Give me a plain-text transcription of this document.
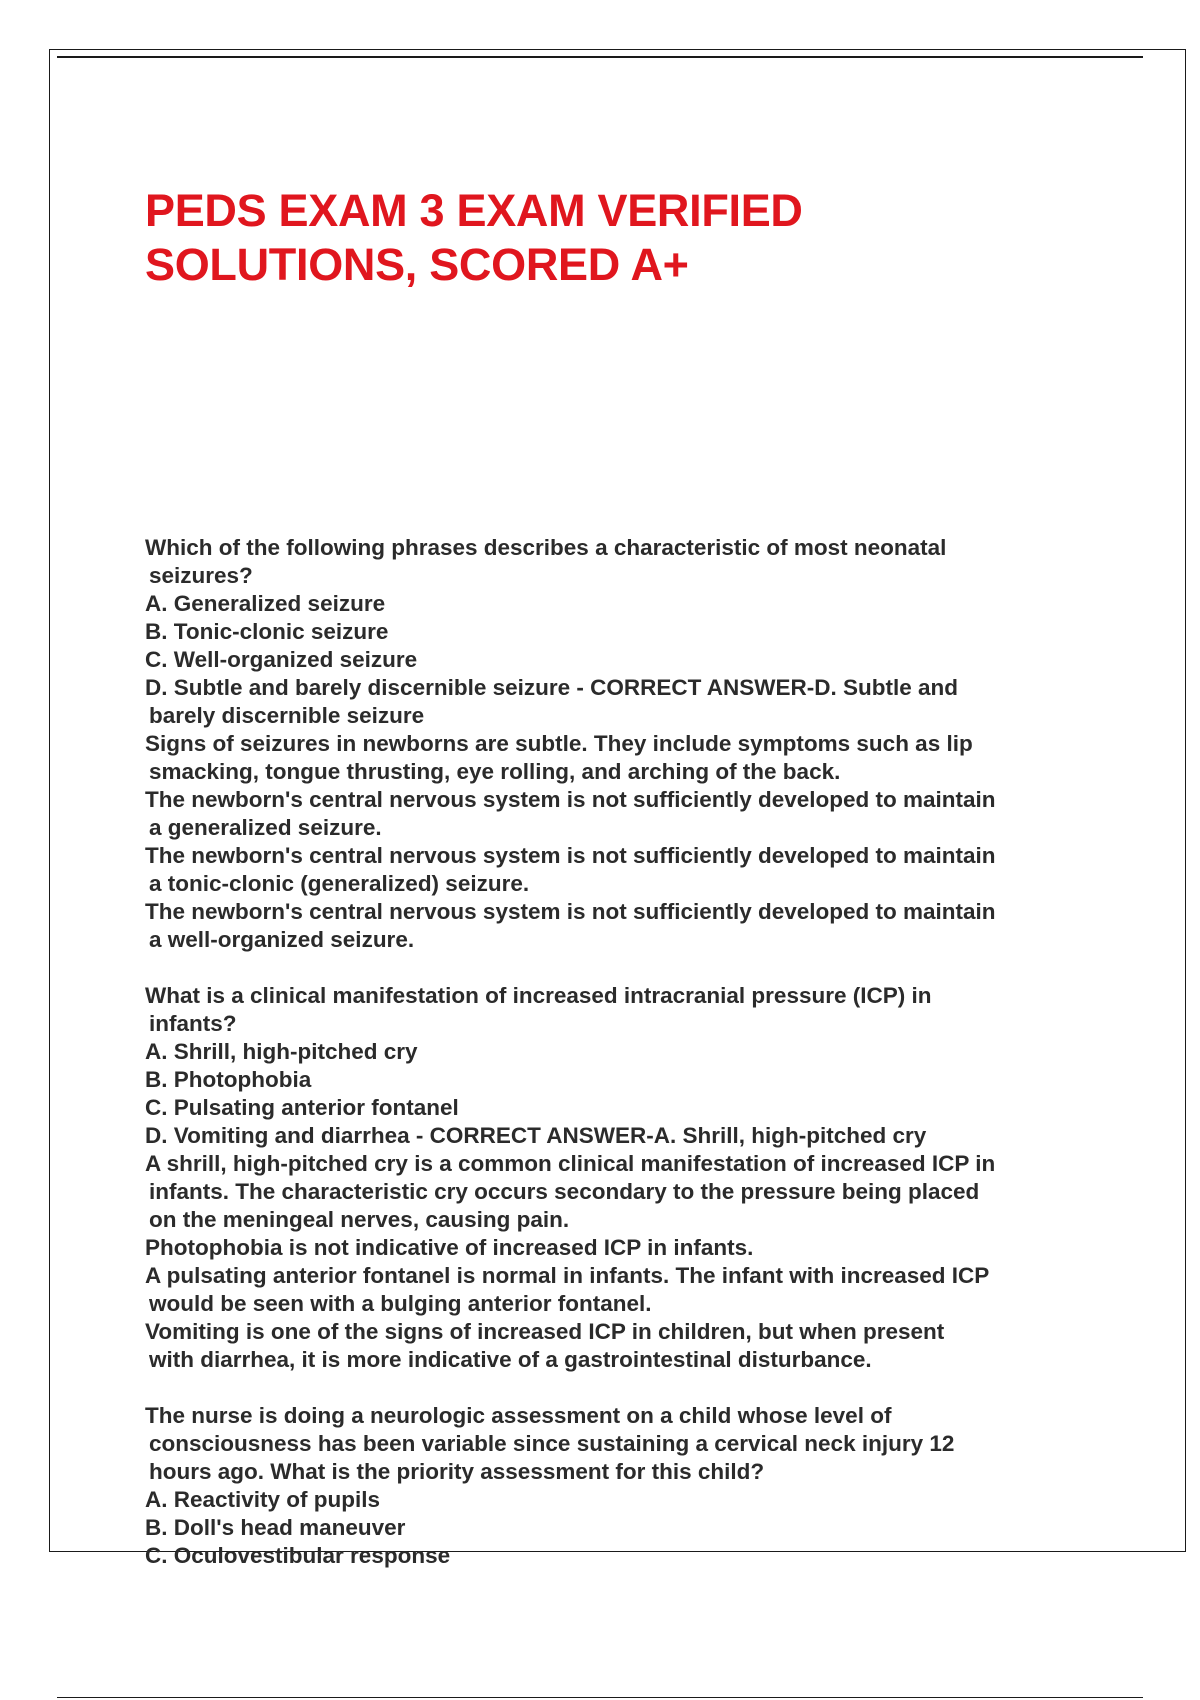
PEDS EXAM 3 EXAM VERIFIED
SOLUTIONS, SCORED A+
Which of the following phrases describes a characteristic of most neonatal
seizures?
A. Generalized seizure
B. Tonic-clonic seizure
C. Well-organized seizure
D. Subtle and barely discernible seizure - CORRECT ANSWER-D. Subtle and
barely discernible seizure
Signs of seizures in newborns are subtle. They include symptoms such as lip
smacking, tongue thrusting, eye rolling, and arching of the back.
The newborn's central nervous system is not sufficiently developed to maintain
a generalized seizure.
The newborn's central nervous system is not sufficiently developed to maintain
a tonic-clonic (generalized) seizure.
The newborn's central nervous system is not sufficiently developed to maintain
a well-organized seizure.
What is a clinical manifestation of increased intracranial pressure (ICP) in
infants?
A. Shrill, high-pitched cry
B. Photophobia
C. Pulsating anterior fontanel
D. Vomiting and diarrhea - CORRECT ANSWER-A. Shrill, high-pitched cry
A shrill, high-pitched cry is a common clinical manifestation of increased ICP in
infants. The characteristic cry occurs secondary to the pressure being placed
on the meningeal nerves, causing pain.
Photophobia is not indicative of increased ICP in infants.
A pulsating anterior fontanel is normal in infants. The infant with increased ICP
would be seen with a bulging anterior fontanel.
Vomiting is one of the signs of increased ICP in children, but when present
with diarrhea, it is more indicative of a gastrointestinal disturbance.
The nurse is doing a neurologic assessment on a child whose level of
consciousness has been variable since sustaining a cervical neck injury 12
hours ago. What is the priority assessment for this child?
A. Reactivity of pupils
B. Doll's head maneuver
C. Oculovestibular response
